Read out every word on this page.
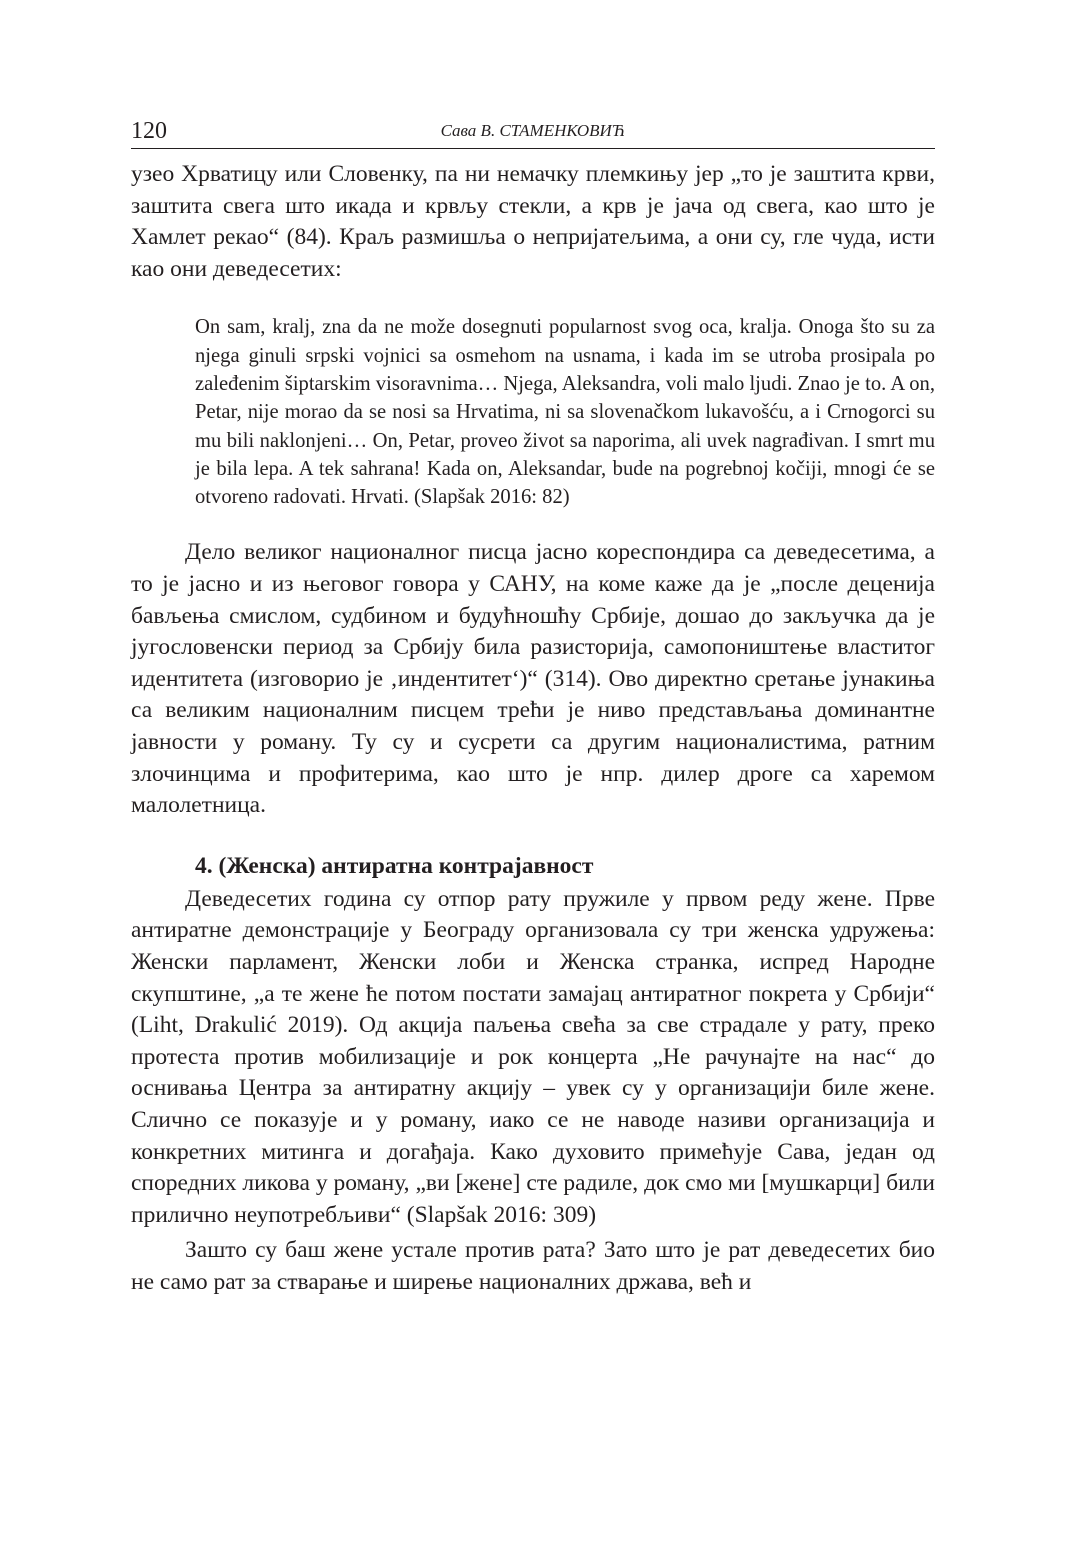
120	Сава В. СТАМЕНКОВИЋ

узео Хрватицу или Словенку, па ни немачку племкињу јер „то је заштита крви, заштита свега што икада и крвљу стекли, а крв је јача од свега, као што је Хамлет рекао“ (84). Краљ размишља о непријатељима, а они су, гле чуда, исти као они деведесетих:

On sam, kralj, zna da ne može dosegnuti popularnost svog oca, kralja. Onoga što su za njega ginuli srpski vojnici sa osmehom na usnama, i kada im se utroba prosipala po zaleđenim šiptarskim visoravnima… Njega, Aleksandra, voli malo ljudi. Znao je to. A on, Petar, nije morao da se nosi sa Hrvatima, ni sa slovenačkom lukavošću, a i Crnogorci su mu bili naklonjeni… On, Petar, proveo život sa naporima, ali uvek nagrađivan. I smrt mu je bila lepa. A tek sahrana! Kada on, Aleksandar, bude na pogrebnoj kočiji, mnogi će se otvoreno radovati. Hrvati. (Slapšak 2016: 82)

Дело великог националног писца јасно кореспондира са деведесетима, а то је јасно и из његовог говора у САНУ, на коме каже да је „после деценија бављења смислом, судбином и будућношћу Србије, дошао до закључка да је југословенски период за Србију била разисторија, самопоништење властитог идентитета (изговорио је ‚индентитет‘)“ (314). Ово директно сретање јунакиња са великим националним писцем трећи је ниво представљања доминантне јавности у роману. Ту су и сусрети са другим националистима, ратним злочинцима и профитерима, као што је нпр. дилер дроге са харемом малолетница.

4. (Женска) антиратна контрајавност

Деведесетих година су отпор рату пружиле у првом реду жене. Прве антиратне демонстрације у Београду организовала су три женска удружења: Женски парламент, Женски лоби и Женска странка, испред Народне скупштине, „а те жене ће потом постати замајац антиратног покрета у Србији“ (Liht, Drakulić 2019). Од акција паљења свећа за све страдале у рату, преко протеста против мобилизације и рок концерта „Не рачунајте на нас“ до оснивања Центра за антиратну акцију – увек су у организацији биле жене. Слично се показује и у роману, иако се не наводе називи организација и конкретних митинга и догађаја. Како духовито примећује Сава, један од споредних ликова у роману, „ви [жене] сте радиле, док смо ми [мушкарци] били прилично неупотребљиви“ (Slapšak 2016: 309)

Зашто су баш жене устале против рата? Зато што је рат деведесетих био не само рат за стварање и ширење националних држава, већ и
